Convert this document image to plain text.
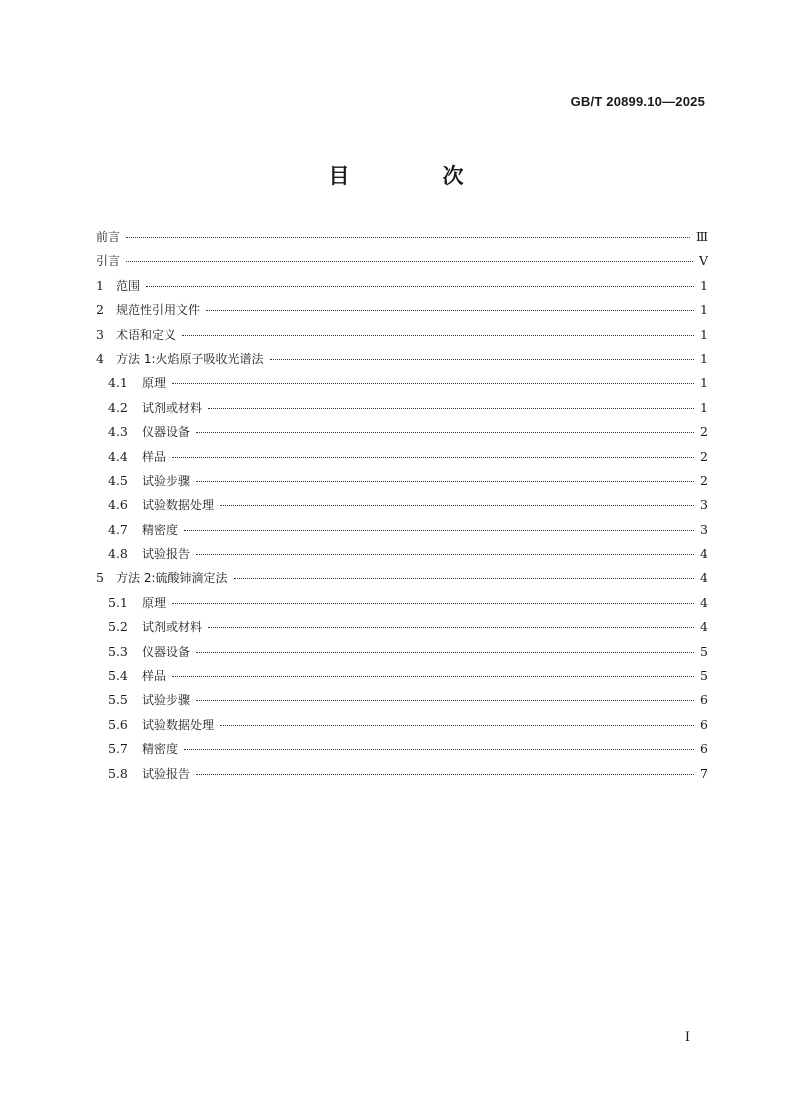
GB/T 20899.10—2025
目　次
前言	Ⅲ
引言	Ⅴ
1	范围	1
2	规范性引用文件	1
3	术语和定义	1
4	方法 1:火焰原子吸收光谱法	1
4.1	原理	1
4.2	试剂或材料	1
4.3	仪器设备	2
4.4	样品	2
4.5	试验步骤	2
4.6	试验数据处理	3
4.7	精密度	3
4.8	试验报告	4
5	方法 2:硫酸铈滴定法	4
5.1	原理	4
5.2	试剂或材料	4
5.3	仪器设备	5
5.4	样品	5
5.5	试验步骤	6
5.6	试验数据处理	6
5.7	精密度	6
5.8	试验报告	7
Ⅰ
